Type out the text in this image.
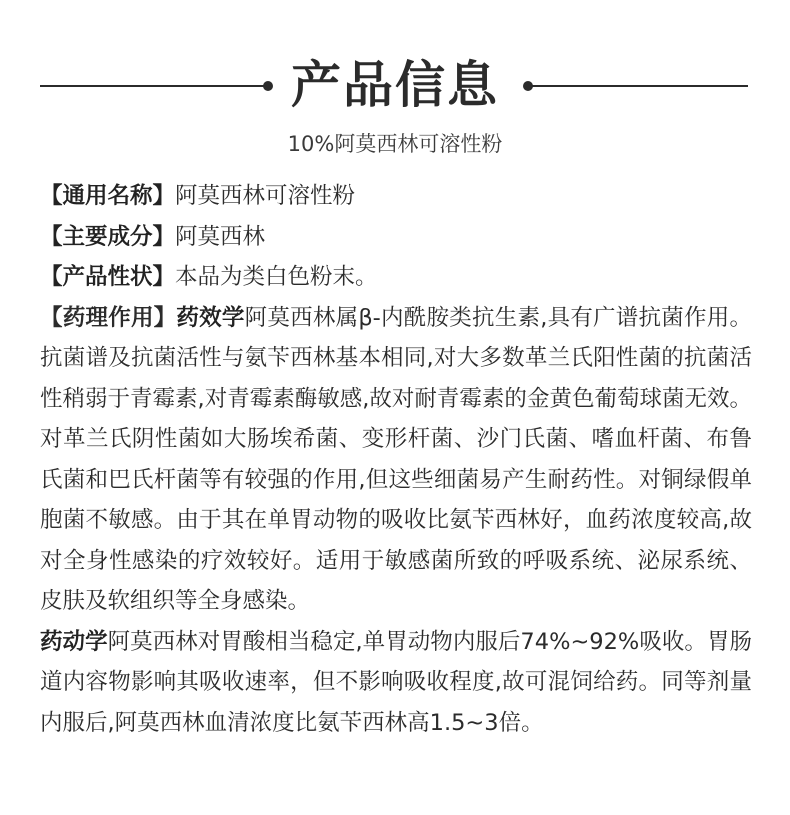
产品信息
10%阿莫西林可溶性粉
【通用名称】阿莫西林可溶性粉
【主要成分】阿莫西林
【产品性状】本品为类白色粉末。
【药理作用】药效学阿莫西林属β-内酰胺类抗生素,具有广谱抗菌作用。抗菌谱及抗菌活性与氨苄西林基本相同,对大多数革兰氏阳性菌的抗菌活性稍弱于青霉素,对青霉素酶敏感,故对耐青霉素的金黄色葡萄球菌无效。对革兰氏阴性菌如大肠埃希菌、变形杆菌、沙门氏菌、嗜血杆菌、布鲁氏菌和巴氏杆菌等有较强的作用,但这些细菌易产生耐药性。对铜绿假单胞菌不敏感。由于其在单胃动物的吸收比氨苄西林好，血药浓度较高,故对全身性感染的疗效较好。适用于敏感菌所致的呼吸系统、泌尿系统、皮肤及软组织等全身感染。
药动学阿莫西林对胃酸相当稳定,单胃动物内服后74%~92%吸收。胃肠道内容物影响其吸收速率，但不影响吸收程度,故可混饲给药。同等剂量内服后,阿莫西林血清浓度比氨苄西林高1.5~3倍。
